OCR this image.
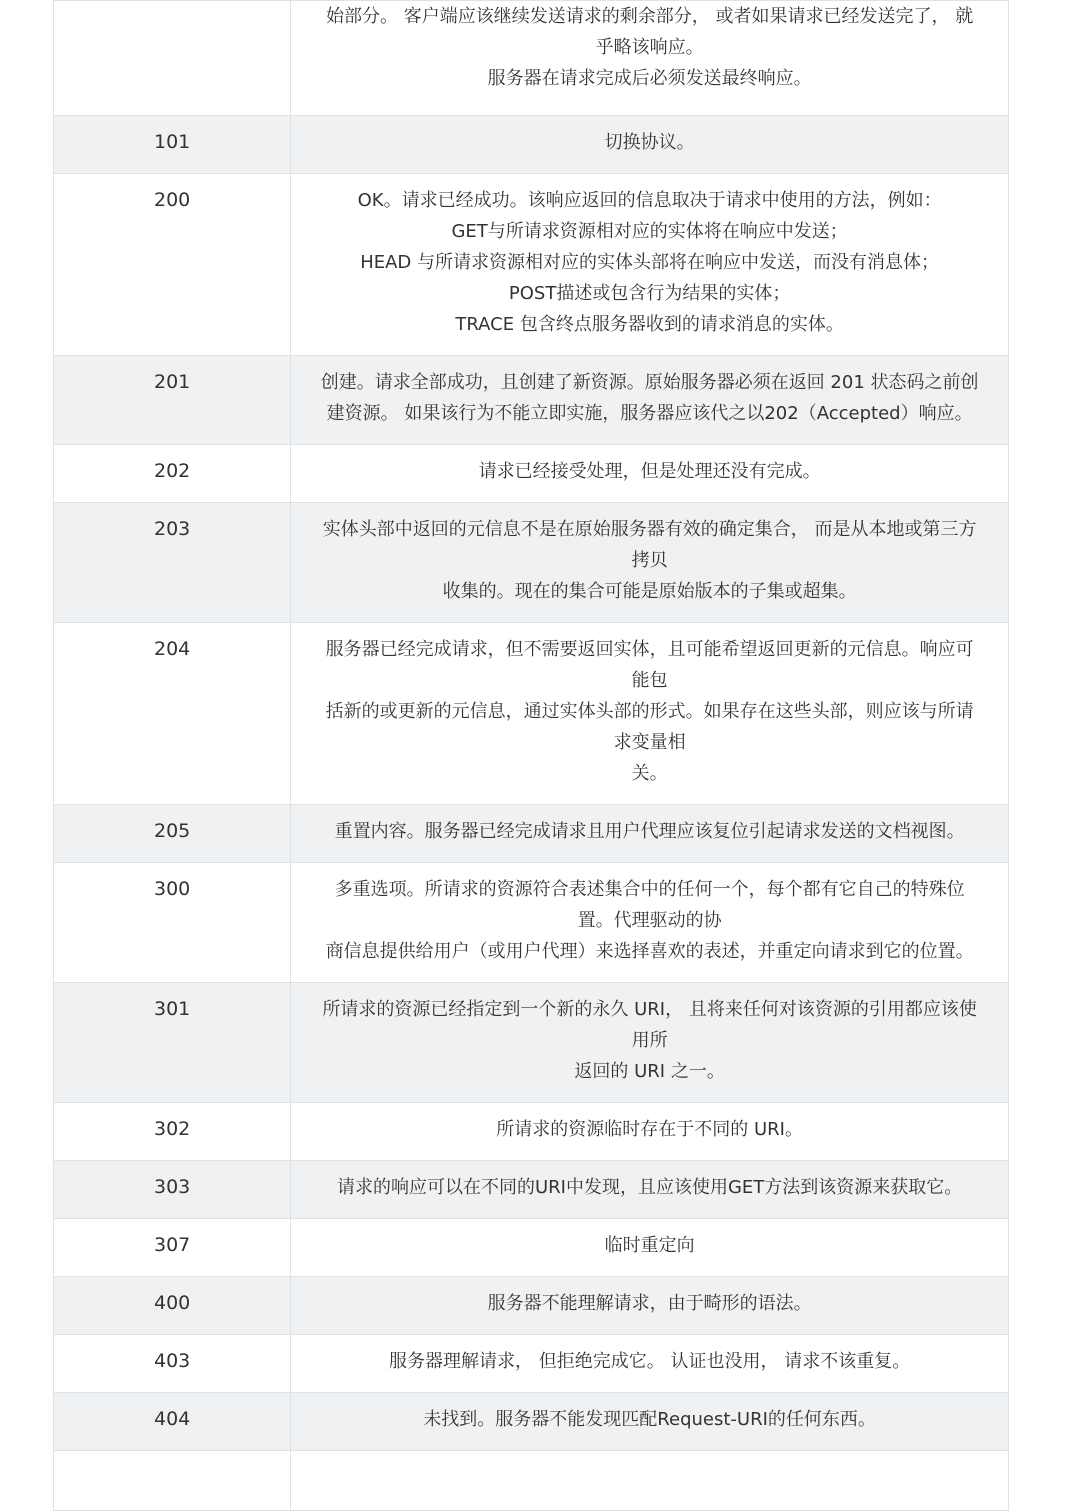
	始部分。 客户端应该继续发送请求的剩余部分， 或者如果请求已经发送完了， 就
乎略该响应。
服务器在请求完成后必须发送最终响应。

101	切换协议。

200	OK。请求已经成功。该响应返回的信息取决于请求中使用的方法，例如：
GET与所请求资源相对应的实体将在响应中发送；
HEAD 与所请求资源相对应的实体头部将在响应中发送，而没有消息体；
POST描述或包含行为结果的实体；
TRACE 包含终点服务器收到的请求消息的实体。

201	创建。请求全部成功，且创建了新资源。原始服务器必须在返回 201 状态码之前创
建资源。 如果该行为不能立即实施，服务器应该代之以202（Accepted）响应。

202	请求已经接受处理，但是处理还没有完成。

203	实体头部中返回的元信息不是在原始服务器有效的确定集合， 而是从本地或第三方
拷贝
收集的。现在的集合可能是原始版本的子集或超集。

204	服务器已经完成请求，但不需要返回实体，且可能希望返回更新的元信息。响应可
能包
括新的或更新的元信息，通过实体头部的形式。如果存在这些头部，则应该与所请
求变量相
关。

205	重置内容。服务器已经完成请求且用户代理应该复位引起请求发送的文档视图。

300	多重选项。所请求的资源符合表述集合中的任何一个，每个都有它自己的特殊位
置。代理驱动的协
商信息提供给用户（或用户代理）来选择喜欢的表述，并重定向请求到它的位置。

301	所请求的资源已经指定到一个新的永久 URI， 且将来任何对该资源的引用都应该使
用所
返回的 URI 之一。

302	所请求的资源临时存在于不同的 URI。

303	请求的响应可以在不同的URI中发现，且应该使用GET方法到该资源来获取它。

307	临时重定向

400	服务器不能理解请求，由于畸形的语法。

403	服务器理解请求， 但拒绝完成它。 认证也没用， 请求不该重复。

404	未找到。服务器不能发现匹配Request-URI的任何东西。
